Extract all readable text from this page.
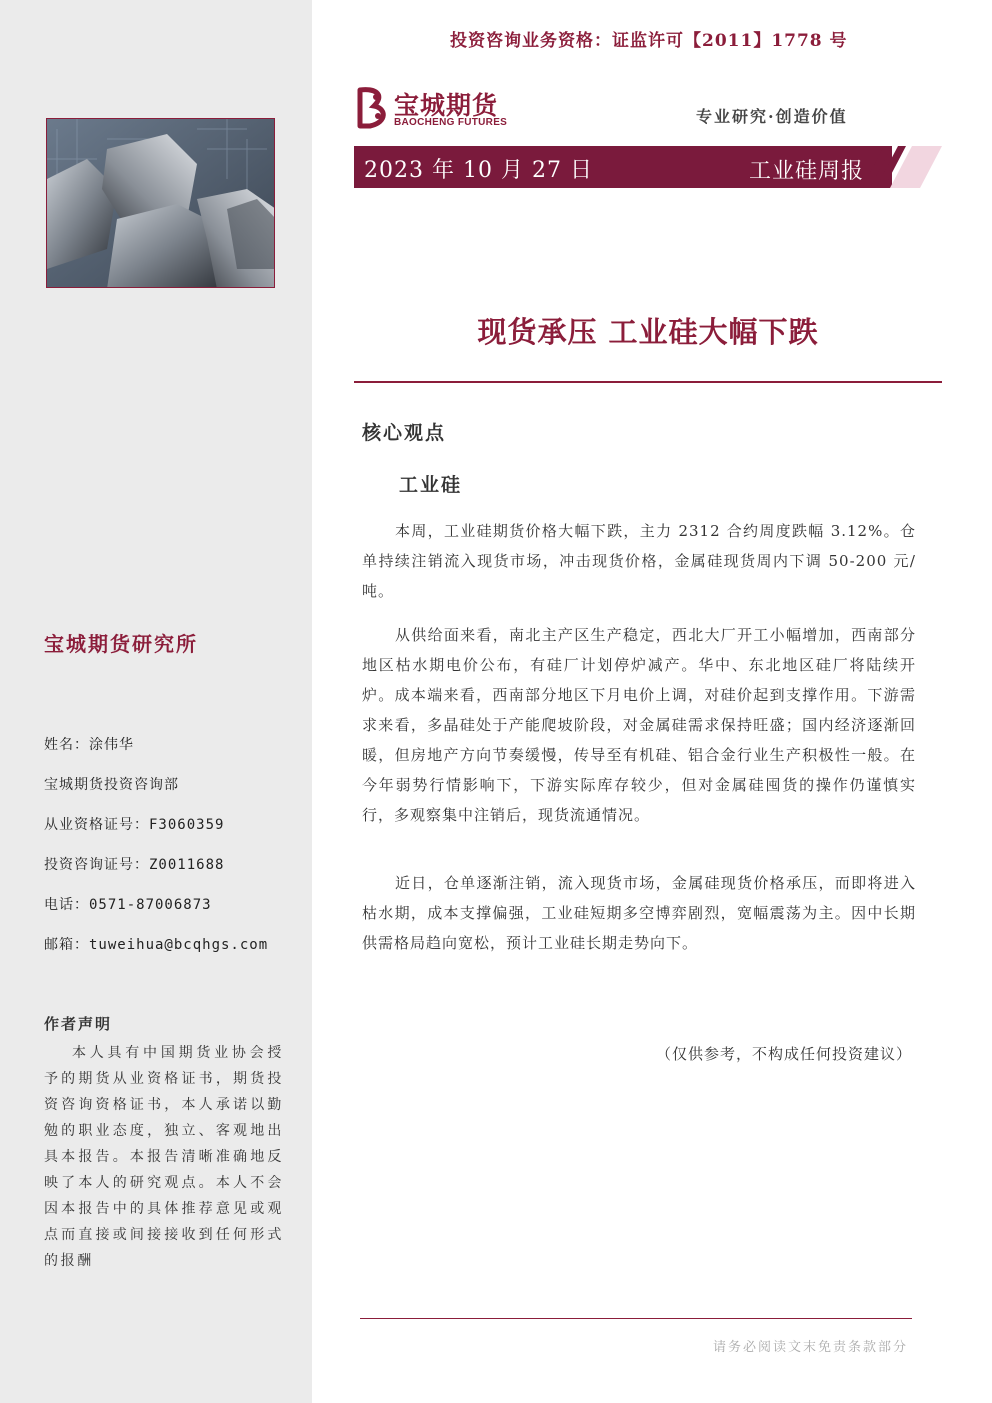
宝城期货研究所
姓名：涂伟华
宝城期货投资咨询部
从业资格证号：F3060359
投资咨询证号：Z0011688
电话：0571-87006873
邮箱：tuweihua@bcqhgs.com
作者声明
本人具有中国期货业协会授予的期货从业资格证书，期货投资咨询资格证书，本人承诺以勤勉的职业态度，独立、客观地出具本报告。本报告清晰准确地反映了本人的研究观点。本人不会因本报告中的具体推荐意见或观点而直接或间接接收到任何形式的报酬
投资咨询业务资格：证监许可【2011】1778 号
宝城期货
BAOCHENG FUTURES	专业研究·创造价值
2023 年 10 月 27 日	工业硅周报
现货承压 工业硅大幅下跌
核心观点
工业硅

本周，工业硅期货价格大幅下跌，主力 2312 合约周度跌幅 3.12%。仓单持续注销流入现货市场，冲击现货价格，金属硅现货周内下调 50-200 元/吨。

从供给面来看，南北主产区生产稳定，西北大厂开工小幅增加，西南部分地区枯水期电价公布，有硅厂计划停炉减产。华中、东北地区硅厂将陆续开炉。成本端来看，西南部分地区下月电价上调，对硅价起到支撑作用。下游需求来看，多晶硅处于产能爬坡阶段，对金属硅需求保持旺盛；国内经济逐渐回暖，但房地产方向节奏缓慢，传导至有机硅、铝合金行业生产积极性一般。在今年弱势行情影响下，下游实际库存较少，但对金属硅囤货的操作仍谨慎实行，多观察集中注销后，现货流通情况。

近日，仓单逐渐注销，流入现货市场，金属硅现货价格承压，而即将进入枯水期，成本支撑偏强，工业硅短期多空博弈剧烈，宽幅震荡为主。因中长期供需格局趋向宽松，预计工业硅长期走势向下。

（仅供参考，不构成任何投资建议）
请务必阅读文末免责条款部分
